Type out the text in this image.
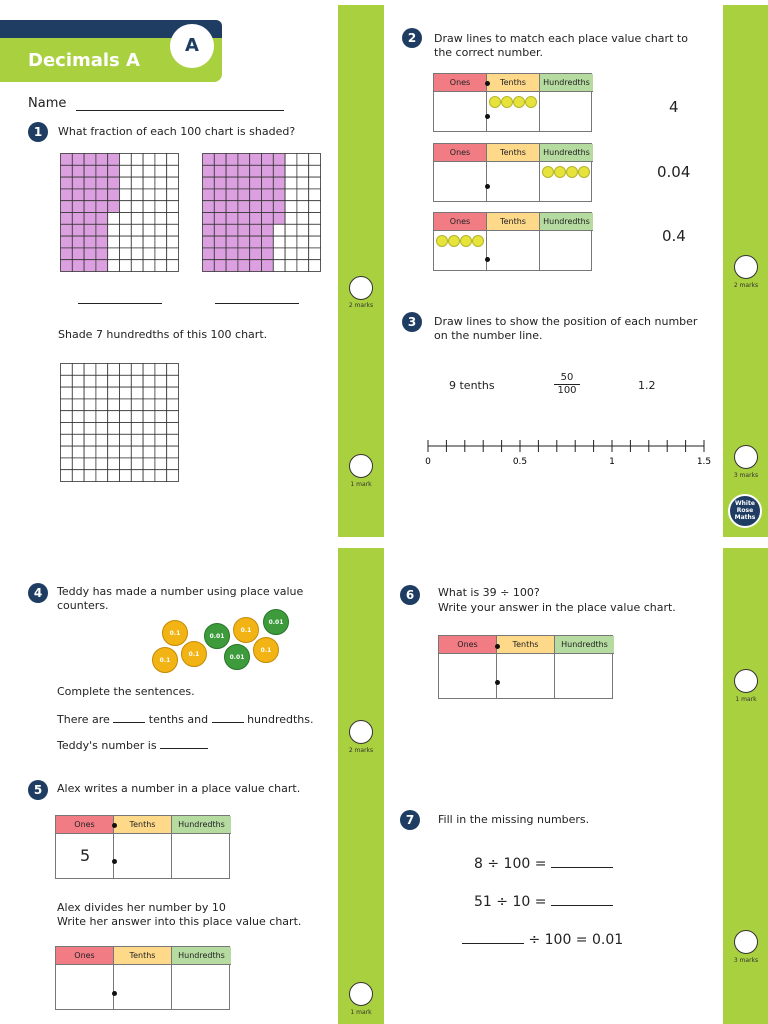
Decimals A
A
Name
1	What fraction of each 100 chart is shaded?
Shade 7 hundredths of this 100 chart.
2 marks
1 mark
2	Draw lines to match each place value chart to the correct number.
Ones	Tenths	Hundredths
4
Ones	Tenths	Hundredths
0.04
Ones	Tenths	Hundredths
0.4
3	Draw lines to show the position of each number on the number line.
9 tenths	$\frac{50}{100}$	1.2
0	0.5	1	1.5
2 marks
3 marks
White
Rose
Maths
4	Teddy has made a number using place value counters.
0.1	0.01
0.1
0.01
0.1
0.1	0.01
0.1
Complete the sentences.
There are	tenths and	hundredths.
Teddy's number is
5	Alex writes a number in a place value chart.
Ones	Tenths	Hundredths
5
Alex divides her number by 10
Write her answer into this place value chart.
Ones	Tenths	Hundredths
2 marks
1 mark
6	What is 39 ÷ 100?
Write your answer in the place value chart.
Ones	Tenths	Hundredths
7	Fill in the missing numbers.
8 ÷ 100 =
51 ÷ 10 =
÷ 100 = 0.01
1 mark
3 marks
